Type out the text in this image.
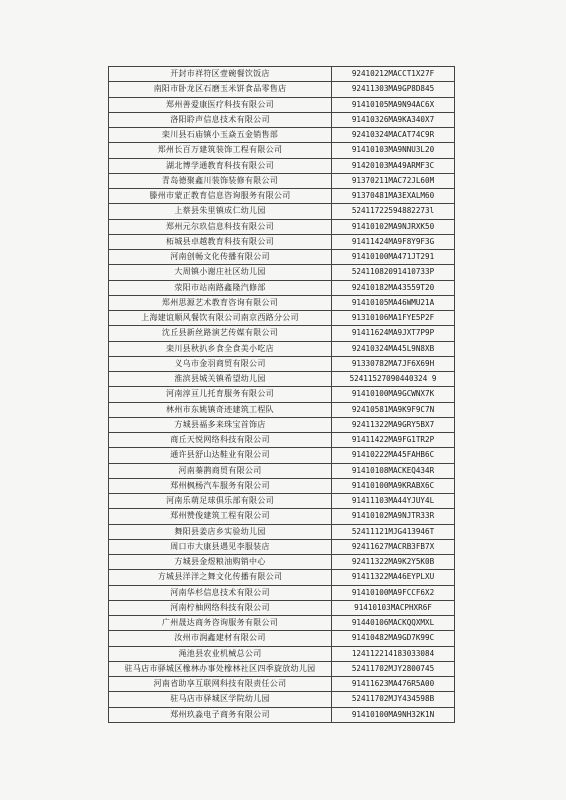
开封市祥符区壹碗餐饮饭店	92410212MACCT1X27F
南阳市卧龙区石磨玉米饼食品零售店	92411303MA9GP8D845
郑州善爱康医疗科技有限公司	91410105MA9N94AC6X
洛阳聆声信息技术有限公司	91410326MA9KA340X7
栾川县石庙镇小玉焱五金销售部	92410324MACAT74C9R
郑州长百万建筑装饰工程有限公司	91410103MA9NNU3L20
湖北博学通教育科技有限公司	91420103MA49ARMF3C
青岛德聚鑫川装饰装修有限公司	91370211MAC72JL60M
滕州市蒙正教育信息咨询服务有限公司	91370481MA3EXALM60
上蔡县朱里镇成仁幼儿园	52411722594882273l
郑州元尔玖信息科技有限公司	91410102MA9NJRXK50
柘城县卓越教育科技有限公司	91411424MA9F8Y9F3G
河南创畅文化传播有限公司	91410100MA471JT291
大周镇小谢庄社区幼儿园	52411082091410733P
荥阳市站南路鑫隆汽修部	92410182MA43559T20
郑州思源艺术教育咨询有限公司	91410105MA46WMU21A
上海建谊顺风餐饮有限公司南京西路分公司	91310106MA1FYE5P2F
沈丘县新丝路演艺传媒有限公司	91411624MA9JXT7P9P
栾川县秋扒乡食全食美小吃店	92410324MA45L9N8XB
义乌市金羽商贸有限公司	91330782MA7JF6X69H
淮滨县城关镇希望幼儿园	52411527090440324 9
河南淳亘儿托育服务有限公司	91410100MA9GCWNX7K
林州市东姚镇奇迹建筑工程队	92410581MA9K9F9C7N
方城县福多来珠宝首饰店	92411322MA9GRY5BX7
商丘天悦网络科技有限公司	91411422MA9FG1TR2P
通许县舒山达鞋业有限公司	91410222MA45FAHB6C
河南蓁鹊商贸有限公司	91410108MACKEQ434R
郑州枫杨汽车服务有限公司	91410100MA9KRABX6C
河南乐萌足球俱乐部有限公司	91411103MA44YJUY4L
郑州赞俊建筑工程有限公司	91410102MA9NJTR33R
舞阳县姜店乡实验幼儿园	52411121MJG413946T
周口市大康县遇见李服装店	92411627MACRB3FB7X
方城县金煜粮油购销中心	92411322MA9K2Y5K0B
方城县洋洋之舞文化传播有限公司	91411322MA46EYPLXU
河南华杉信息技术有限公司	91410100MA9FCCF6X2
河南柠柚网络科技有限公司	91410103MACPHXR6F
广州晟达商务咨询服务有限公司	91440106MACKQQXMXL
汝州市润鑫建材有限公司	91410482MA9GD7K99C
渑池县农业机械总公司	124112214183033084
驻马店市驿城区橡林办事处橡林社区四季旋放幼儿园	52411702MJY2800745
河南省助享互联网科技有限责任公司	91411623MA476R5A00
驻马店市驿城区学院幼儿园	52411702MJY434598B
郑州玖淼电子商务有限公司	91410100MA9NH32K1N
